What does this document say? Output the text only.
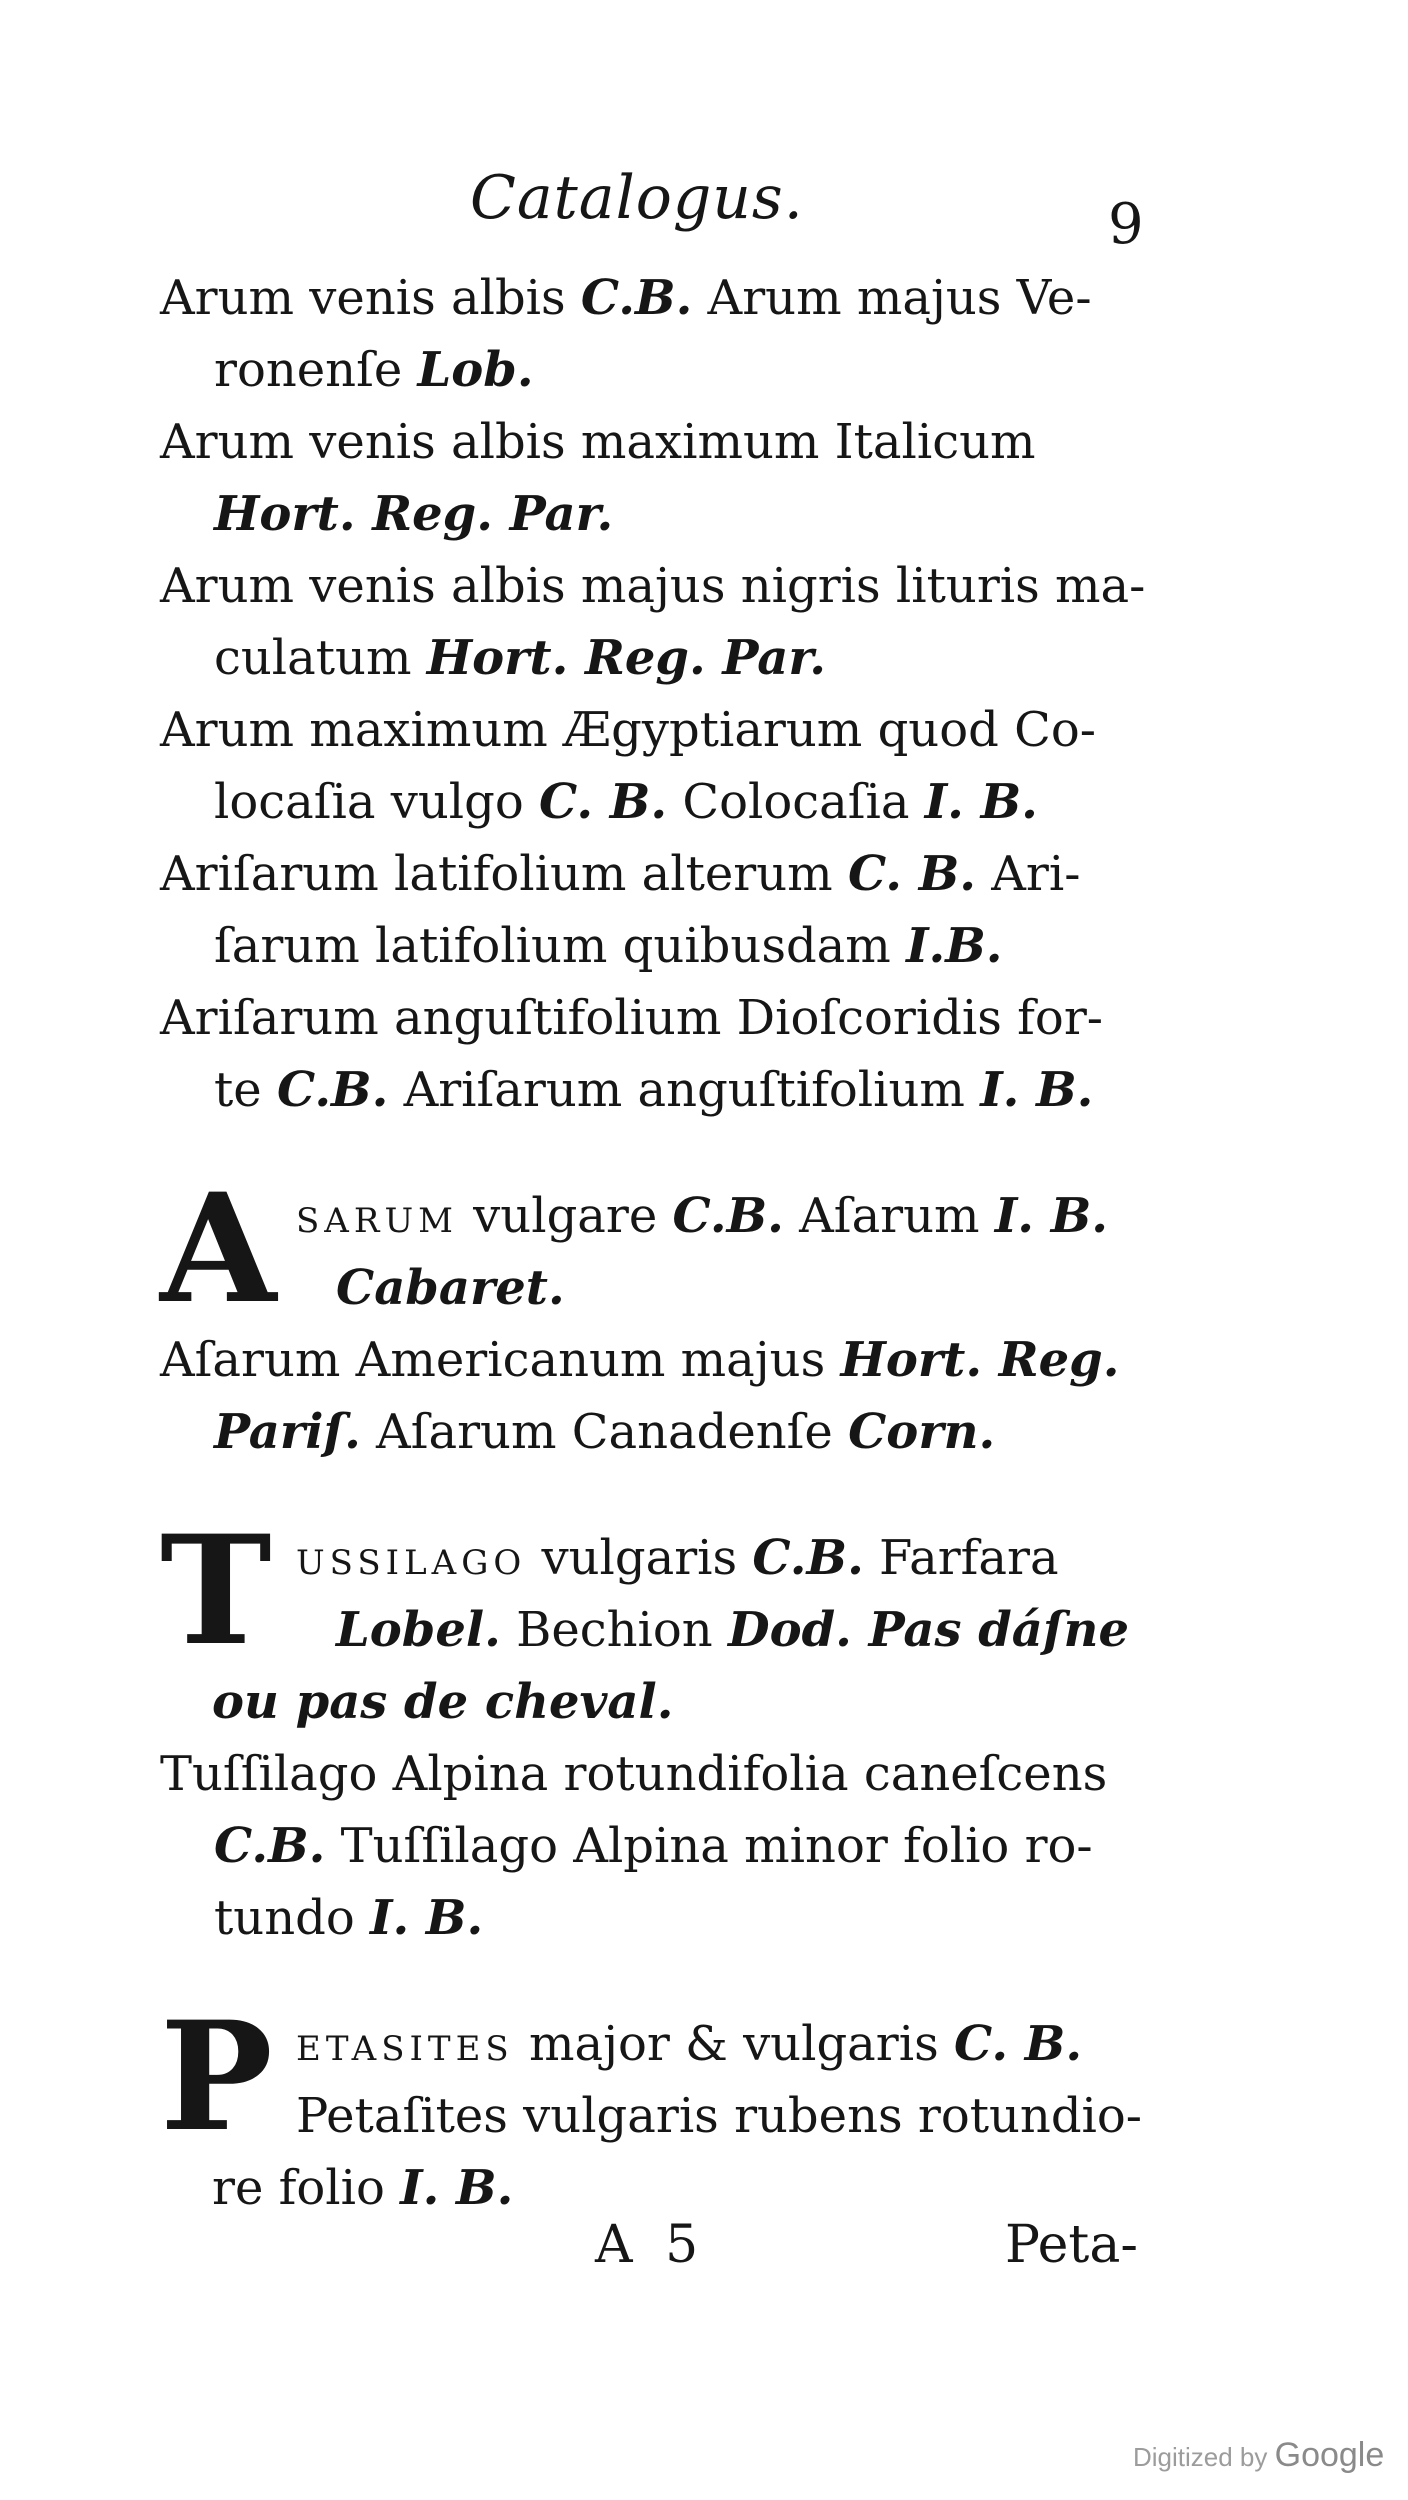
Catalogus.	9

Arum venis albis C.B. Arum majus Ve-
ronenſe Lob.

Arum venis albis maximum Italicum
Hort. Reg. Par.

Arum venis albis majus nigris lituris ma-
culatum Hort. Reg. Par.

Arum maximum Ægyptiarum quod Co-
locaſia vulgo C. B. Colocaſia I. B.

Ariſarum latifolium alterum C. B. Ari-
ſarum latifolium quibusdam I.B.

Ariſarum anguſtifolium Dioſcoridis for-
te C.B. Ariſarum anguſtifolium I. B.

A sarum vulgare C.B. Aſarum I. B.
Cabaret.

Aſarum Americanum majus Hort. Reg.
Pariſ. Aſarum Canadenſe Corn.

T ussilago vulgaris C.B. Farfara
Lobel. Bechion Dod. Pas dáſne
ou pas de cheval.

Tuſſilago Alpina rotundifolia caneſcens
C.B. Tuſſilago Alpina minor folio ro-
tundo I. B.

P etasites major & vulgaris C. B.
Petaſites vulgaris rubens rotundio-
re folio I. B.
A 5	Peta-
Digitized by Google
